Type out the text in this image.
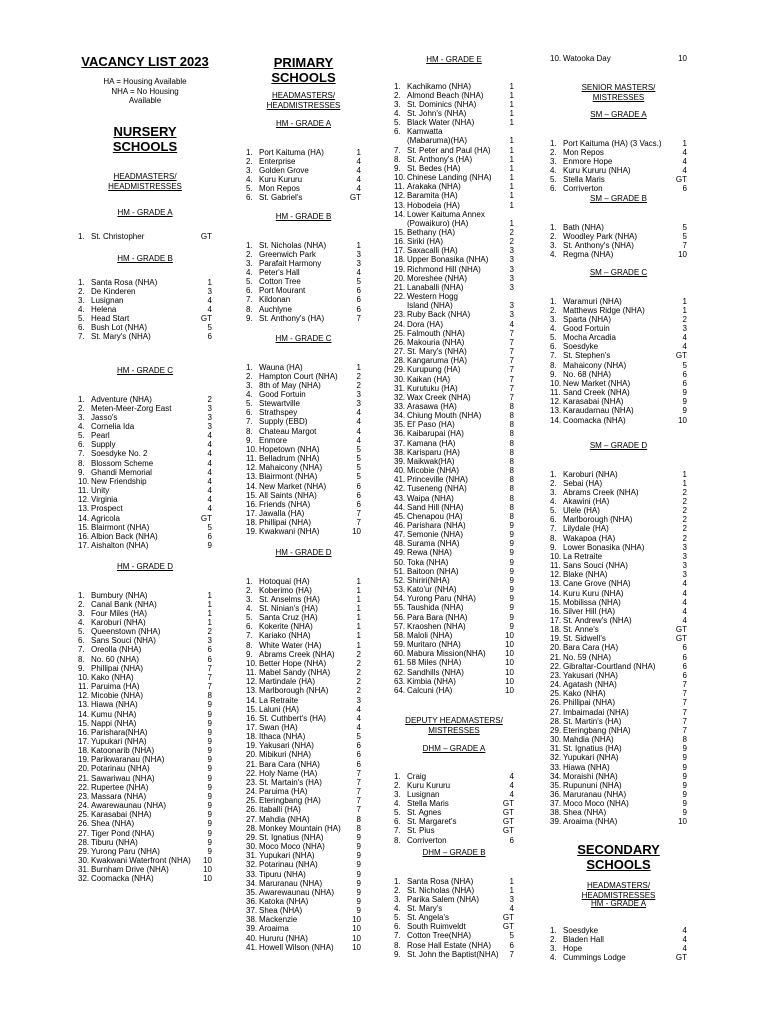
VACANCY LIST 2023
HA = Housing Available
NHA = No Housing
Available
NURSERY
SCHOOLS
HEADMASTERS/
HEADMISTRESSES
HM - GRADE A
1. St. Christopher	GT
HM - GRADE B
1. Santa Rosa (NHA)	1
2. De Kinderen	3
3. Lusignan	4
4. Helena	4
5. Head Start	GT
6. Bush Lot (NHA)	5
7. St. Mary's (NHA)	6
HM - GRADE C
1. Adventure (NHA)	2
2. Meten-Meer-Zorg East	3
3. Jasso's	3
4. Cornelia Ida	3
5. Pearl	4
6. Supply	4
7. Soesdyke No. 2	4
8. Blossom Scheme	4
9. Ghandi Memorial	4
10. New Friendship	4
11. Unity	4
12. Virginia	4
13. Prospect	4
14. Agricola	GT
15. Blairmont (NHA)	5
16. Albion Back (NHA)	6
17. Aishalton (NHA)	9
HM - GRADE D
1. Bumbury (NHA)	1
2. Canal Bank (NHA)	1
3. Four Miles (HA)	1
4. Karoburi (NHA)	1
5. Queenstown (NHA)	2
6. Sans Souci (NHA)	3
7. Oreolla (NHA)	6
8. No. 60 (NHA)	6
9. Phillipai (NHA)	7
10. Kako (NHA)	7
11. Paruima (HA)	7
12. Micobie (NHA)	8
13. Hiawa (NHA)	9
14. Kumu (NHA)	9
15. Nappi (NHA)	9
16. Parishara(NHA)	9
17. Yupukari (NHA)	9
18. Katoonarib (NHA)	9
19. Parikwaranau (NHA)	9
20. Potarinau (NHA)	9
21. Sawariwau (NHA)	9
22. Rupertee (NHA)	9
23. Massara (NHA)	9
24. Awarewaunau (NHA)	9
25. Karasabai (NHA)	9
26. Shea (NHA)	9
27. Tiger Pond (NHA)	9
28. Tiburu (NHA)	9
29. Yurong Paru (NHA)	9
30. Kwakwani Waterfront (NHA)	10
31. Burnham Drive (NHA)	10
32. Coomacka (NHA)	10
PRIMARY
SCHOOLS
HEADMASTERS/
HEADMISTRESSES
HM - GRADE A
1. Port Kaituma (HA)	1
2. Enterprise	4
3. Golden Grove	4
4. Kuru Kururu	4
5. Mon Repos	4
6. St. Gabriel's	GT
HM - GRADE B
1. St. Nicholas (NHA)	1
2. Greenwich Park	3
3. Parafait Harmony	3
4. Peter's Hall	4
5. Cotton Tree	5
6. Port Mourant	6
7. Kildonan	6
8. Auchlyne	6
9. St. Anthony's (HA)	7
HM - GRADE C
1. Wauna (HA)	1
2. Hampton Court (NHA)	2
3. 8th of May (NHA)	2
4. Good Fortuin	3
5. Stewartville	3
6. Strathspey	4
7. Supply (EBD)	4
8. Chateau Margot	4
9. Enmore	4
10. Hopetown (NHA)	5
11. Belladrum (NHA)	5
12. Mahaicony (NHA)	5
13. Blairmont (NHA)	5
14. New Market (NHA)	6
15. All Saints (NHA)	6
16. Friends (NHA)	6
17. Jawalla (HA)	7
18. Phillipai (NHA)	7
19. Kwakwani (NHA)	10
HM - GRADE D
1. Hotoquai (HA)	1
2. Koberimo (HA)	1
3. St. Anselms (HA)	1
4. St. Ninian's (HA)	1
5. Santa Cruz (HA)	1
6. Kokerite (NHA)	1
7. Kariako (NHA)	1
8. White Water (HA)	1
9. Abrams Creek (NHA)	2
10. Better Hope (NHA)	2
11. Mabel Sandy (NHA)	2
12. Martindale (HA)	2
13. Marlborough (NHA)	2
14. La Retraite	3
15. Laluni (HA)	4
16. St. Cuthbert's (HA)	4
17. Swan (HA)	4
18. Ithaca (NHA)	5
19. Yakusari (NHA)	6
20. Mibikuri (NHA)	6
21. Bara Cara (NHA)	6
22. Holy Name (HA)	7
23. St. Martain's (HA)	7
24. Paruima (HA)	7
25. Eteringbang (HA)	7
26. Itaballi (HA)	7
27. Mahdia (NHA)	8
28. Monkey Mountain (HA)	8
29. St. Ignatius (NHA)	9
30. Moco Moco (NHA)	9
31. Yupukari (NHA)	9
32. Potarinau (NHA)	9
33. Tipuru (NHA)	9
34. Maruranau (NHA)	9
35. Awarewaunau (NHA)	9
36. Katoka (NHA)	9
37. Shea (NHA)	9
38. Mackenzie	10
39. Aroaima	10
40. Hururu (NHA)	10
41. Howell Wilson (NHA)	10
HM - GRADE E
1. Kachikamo (NHA)	1
2. Almond Beach (NHA)	1
3. St. Dominics (NHA)	1
4. St. John's (NHA)	1
5. Black Water (NHA)	1
6. Kamwatta
(Mabaruma)(HA)	1
7. St. Peter and Paul (HA)	1
8. St. Anthony's (HA)	1
9. St. Bedes (HA)	1
10. Chinese Landing (NHA)	1
11. Arakaka (NHA)	1
12. Baramita (HA)	1
13. Hobodeia (HA)	1
14. Lower Kaituma Annex
(Powaikuro) (HA)	1
15. Bethany (HA)	2
16. Siriki (HA)	2
17. Saxacalli (HA)	3
18. Upper Bonasika (NHA)	3
19. Richmond Hill (NHA)	3
20. Moreshee (NHA)	3
21. Lanaballi (NHA)	3
22. Western Hogg
Island (NHA)	3
23. Ruby Back (NHA)	3
24. Dora (HA)	4
25. Falmouth (NHA)	7
26. Makouria (NHA)	7
27. St. Mary's (NHA)	7
28. Kangaruma (HA)	7
29. Kurupung (HA)	7
30. Kaikan (HA)	7
31. Kurutuku (HA)	7
32. Wax Creek (NHA)	7
33. Arasawa (HA)	8
34. Chiung Mouth (NHA)	8
35. El' Paso (HA)	8
36. Kaibarupai (HA)	8
37. Kamana (HA)	8
38. Karisparu (HA)	8
39. Maikwak(HA)	8
40. Micobie (NHA)	8
41. Princeville (NHA)	8
42. Tuseneng (NHA)	8
43. Waipa (NHA)	8
44. Sand Hill (NHA)	8
45. Chenapou (HA)	8
46. Parishara (NHA)	9
47. Semonie (NHA)	9
48. Surama (NHA)	9
49. Rewa (NHA)	9
50. Toka (NHA)	9
51. Baitoon (NHA)	9
52. Shiriri(NHA)	9
53. Kato'ur (NHA)	9
54. Yurong Paru (NHA)	9
55. Taushida (NHA)	9
56. Para Bara (NHA)	9
57. Kraoshen (NHA)	9
58. Maloli (NHA)	10
59. Muritaro (NHA)	10
60. Mabura Mission(NHA)	10
61. 58 Miles (NHA)	10
62. Sandhills (NHA)	10
63. Kimbia (NHA)	10
64. Calcuni (HA)	10
DEPUTY HEADMASTERS/
MISTRESSES
DHM – GRADE A
1. Craig	4
2. Kuru Kururu	4
3. Lusignan	4
4. Stella Maris	GT
5. St. Agnes	GT
6. St. Margaret's	GT
7. St. Pius	GT
8. Corriverton	6
DHM – GRADE B
1. Santa Rosa (NHA)	1
2. St. Nicholas (NHA)	1
3. Parika Salem (NHA)	3
4. St. Mary's	4
5. St. Angela's	GT
6. South Ruimveldt	GT
7. Cotton Tree(NHA)	5
8. Rose Hall Estate (NHA)	6
9. St. John the Baptist(NHA)	7
10. Watooka Day	10
SENIOR MASTERS/
MISTRESSES
SM – GRADE A
1. Port Kaituma (HA) (3 Vacs.)	1
2. Mon Repos	4
3. Enmore Hope	4
4. Kuru Kururu (NHA)	4
5. Stella Maris	GT
6. Corriverton	6
SM – GRADE B
1. Bath (NHA)	5
2. Woodley Park (NHA)	5
3. St. Anthony's (NHA)	7
4. Regma (NHA)	10
SM – GRADE C
1. Waramuri (NHA)	1
2. Matthews Ridge (NHA)	1
3. Sparta (NHA)	2
4. Good Fortuin	3
5. Mocha Arcadia	4
6. Soesdyke	4
7. St. Stephen's	GT
8. Mahaicony (NHA)	5
9. No. 68 (NHA)	6
10. New Market (NHA)	6
11. Sand Creek (NHA)	9
12. Karasabai (NHA)	9
13. Karaudarnau (NHA)	9
14. Coomacka (NHA)	10
SM – GRADE D
1. Karoburi (NHA)	1
2. Sebai (HA)	1
3. Abrams Creek (NHA)	2
4. Akawini (HA)	2
5. Ulele (HA)	2
6. Marlborough (NHA)	2
7. Lilydale (HA)	2
8. Wakapoa (HA)	2
9. Lower Bonasika (NHA)	3
10. La Retraite	3
11. Sans Souci (NHA)	3
12. Blake (NHA)	3
13. Cane Grove (NHA)	4
14. Kuru Kuru (NHA)	4
15. Mobilissa (NHA)	4
16. Silver Hill (HA)	4
17. St. Andrew's (NHA)	4
18. St. Anne's	GT
19. St. Sidwell's	GT
20. Bara Cara (HA)	6
21. No. 59 (NHA)	6
22. Gibraltar-Courtland (NHA)	6
23. Yakusari (NHA)	6
24. Agatash (NHA)	7
25. Kako (NHA)	7
26. Phillipai (NHA)	7
27. Imbaimadai (NHA)	7
28. St. Martin's (HA)	7
29. Eteringbang (NHA)	7
30. Mahdia (NHA)	8
31. St. Ignatius (HA)	9
32. Yupukari (NHA)	9
33. Hiawa (NHA)	9
34. Moraishi (NHA)	9
35. Rupununi (NHA)	9
36. Maruranau (NHA)	9
37. Moco Moco (NHA)	9
38. Shea (NHA)	9
39. Aroaima (NHA)	10
SECONDARY
SCHOOLS
HEADMASTERS/
HEADMISTRESSES
HM - GRADE A
1. Soesdyke	4
2. Bladen Hall	4
3. Hope	4
4. Cummings Lodge	GT
